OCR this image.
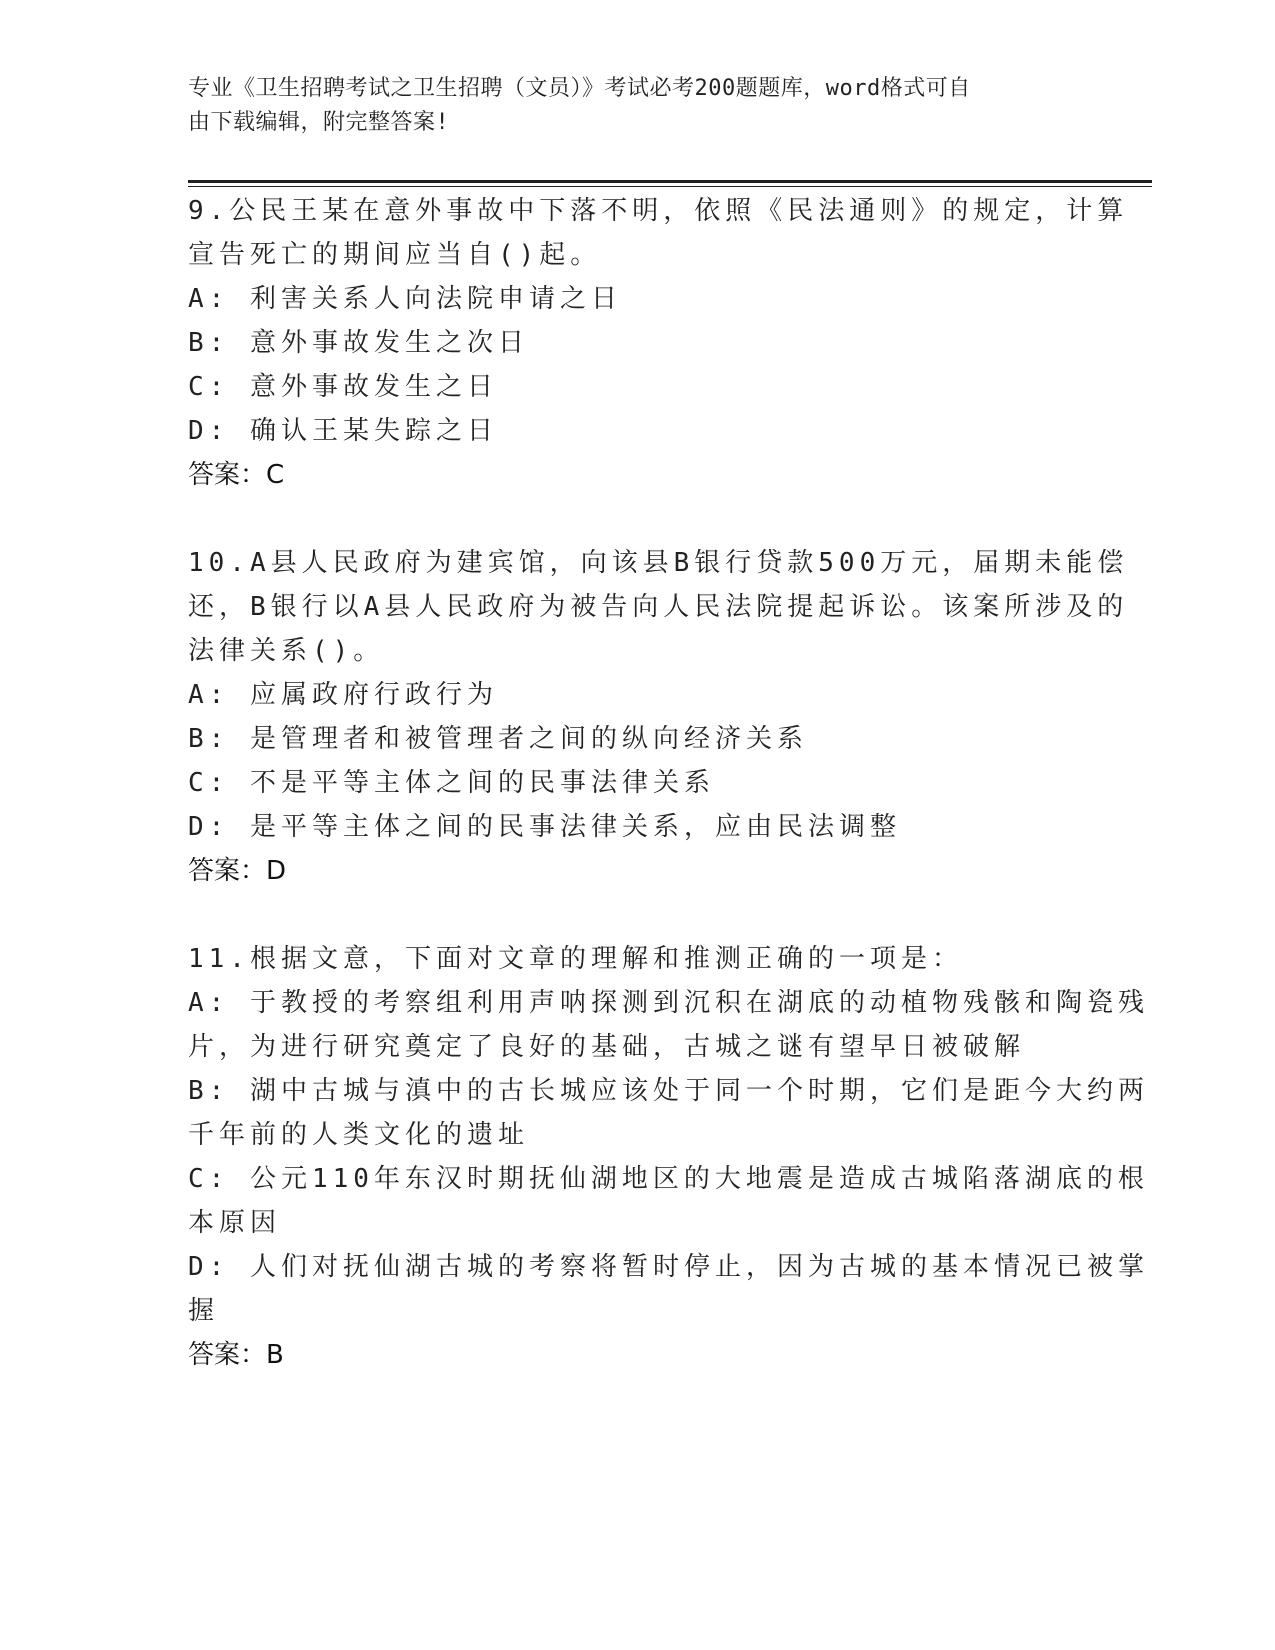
专业《卫生招聘考试之卫生招聘（文员）》考试必考200题题库，word格式可自
由下载编辑，附完整答案!
9.公民王某在意外事故中下落不明，依照《民法通则》的规定，计算
宣告死亡的期间应当自()起。
A: 利害关系人向法院申请之日
B: 意外事故发生之次日
C: 意外事故发生之日
D: 确认王某失踪之日
答案：C
10.A县人民政府为建宾馆，向该县B银行贷款500万元，届期未能偿
还，B银行以A县人民政府为被告向人民法院提起诉讼。该案所涉及的
法律关系()。
A: 应属政府行政行为
B: 是管理者和被管理者之间的纵向经济关系
C: 不是平等主体之间的民事法律关系
D: 是平等主体之间的民事法律关系，应由民法调整
答案：D
11.根据文意，下面对文章的理解和推测正确的一项是：
A: 于教授的考察组利用声呐探测到沉积在湖底的动植物残骸和陶瓷残
片，为进行研究奠定了良好的基础，古城之谜有望早日被破解
B: 湖中古城与滇中的古长城应该处于同一个时期，它们是距今大约两
千年前的人类文化的遗址
C: 公元110年东汉时期抚仙湖地区的大地震是造成古城陷落湖底的根
本原因
D: 人们对抚仙湖古城的考察将暂时停止，因为古城的基本情况已被掌
握
答案：B
